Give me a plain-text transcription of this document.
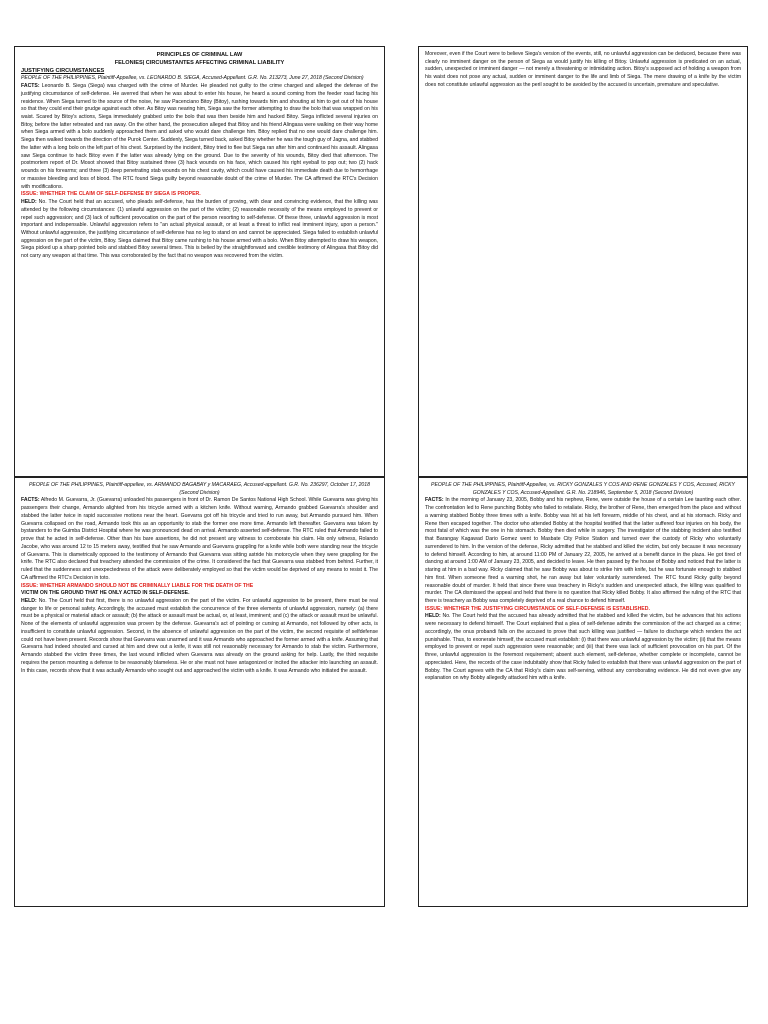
PRINCIPLES OF CRIMINAL LAW
FELONIES| CIRCUMSTANTES AFFECTING CRIMINAL LIABILITY
JUSTIFYING CIRCUMSTANCES
PEOPLE OF THE PHILIPPINES, Plaintiff-Appellee, vs. LEONARDO B. SIEGA, Accused-Appellant. G.R. No. 213273, June 27, 2018 (Second Division)

FACTS: Leonardo B. Siega (Siega) was charged with the crime of Murder. He pleaded not guilty to the crime charged and alleged the defense of the justifying circumstance of self-defense. He averred that when he was about to enter his house, he heard a sound coming from the feeder road facing his residence. When Siega turned to the source of the noise, he saw Pacenciano Bitoy (Bitoy), rushing towards him and shouting at him to get out of his house so that they could end their grudge against each other. As Bitoy was nearing him, Siega saw the former attempting to draw the bolo that was wrapped on his waist. Scared by Bitoy's actions, Siega immediately grabbed unto the bolo that was then beside him and hacked Bitoy. Siega inflicted several injuries on Bitoy, before the latter retreated and ran away. On the other hand, the prosecution alleged that Bitoy and his friend Alingasa were walking on their way home when Siega armed with a bolo suddenly approached them and asked who would dare challenge him. Bitoy replied that no one would dare challenge him. Siega then walked towards the direction of the Purok Center. Suddenly, Siega turned back, asked Bitoy whether he was the tough guy of Jagna, and stabbed the latter with a long bolo on the left part of his chest. Surprised by the incident, Bitoy tried to flee but Siega ran after him and continued his assault. Alingasa saw Siega continue to hack Bitoy even if the latter was already lying on the ground. Due to the severity of his wounds, Bitoy died that afternoon. The postmortem report of Dr. Mosot showed that Bitoy sustained three (3) hack wounds on his face, which caused his right eyeball to pop out; two (2) hack wounds on his forearms; and three (3) deep penetrating stab wounds on his chest cavity, which could have caused his immediate death due to hemorrhage or massive bleeding and loss of blood. The RTC found Siega guilty beyond reasonable doubt of the crime of Murder. The CA affirmed the RTC's Decision with modifications.

ISSUE: WHETHER THE CLAIM OF SELF-DEFENSE BY SIEGA IS PROPER.

HELD: No. The Court held that an accused, who pleads self-defense, has the burden of proving, with clear and convincing evidence, that the killing was attended by the following circumstances: (1) unlawful aggression on the part of the victim; (2) reasonable necessity of the means employed to prevent or repel such aggression; and (3) lack of sufficient provocation on the part of the person resorting to self-defense. Of these three, unlawful aggression is most important and indispensable. Unlawful aggression refers to "an actual physical assault, or at least a threat to inflict real imminent injury, upon a person." Without unlawful aggression, the justifying circumstance of self-defense has no leg to stand on and cannot be appreciated. Siega failed to establish unlawful aggression on the part of the victim, Bitoy. Siega claimed that Bitoy came rushing to his house armed with a bolo. When Bitoy attempted to draw his weapon, Siega picked up a sharp pointed bolo and stabbed Bitoy several times. This is belied by the straightforward and credible testimony of Alingasa that Bitoy did not carry any weapon at that time. This was corroborated by the fact that no weapon was recovered from the victim.

Moreover, even if the Court were to believe Siega's version of the events, still, no unlawful aggression can be deduced, because there was clearly no imminent danger on the person of Siega as would justify his killing of Bitoy. Unlawful aggression is predicated on an actual, sudden, unexpected or imminent danger — not merely a threatening or intimidating action. Bitoy's supposed act of holding a weapon from his waist does not pose any actual, sudden or imminent danger to the life and limb of Siega. The mere drawing of a knife by the victim does not constitute unlawful aggression as the peril sought to be avoided by the accused is uncertain, premature and speculative.

PEOPLE OF THE PHILIPPINES, Plaintiff-appellee, vs. ARMANDO BAGABAY y MACARAEG, Accused-appellant. G.R. No. 236297, October 17, 2018 (Second Division)

FACTS: Alfredo M. Guevarra, Jr. (Guevarra) unloaded his passengers in front of Dr. Ramon De Santos National High School. While Guevarra was giving his passengers their change, Armando alighted from his tricycle armed with a kitchen knife. Without warning, Armando grabbed Guevarra's shoulder and stabbed the latter twice in rapid successive motions near the heart. Guevarra got off his tricycle and tried to run away, but Armando pursued him. When Guevarra collapsed on the road, Armando took this as an opportunity to stab the former one more time. Armando left thereafter. Guevarra was taken by bystanders to the Guimba District Hospital where he was pronounced dead on arrival. Armando asserted self-defense. The RTC ruled that Armando failed to prove that he acted in self-defense. Other than his bare assertions, he did not present any witness to corroborate his claim. His only witness, Rolando Jacobe, who was around 12 to 15 meters away, testified that he saw Armando and Guevarra grappling for a knife while both were standing near the tricycle of Guevarra. This is diametrically opposed to the testimony of Armando that Guevarra was sitting astride his motorcycle when they were grappling for the knife. The RTC also declared that treachery attended the commission of the crime. It considered the fact that Guevarra was stabbed from behind. Further, it ruled that the suddenness and unexpectedness of the attack were deliberately employed so that the victim would be deprived of any means to resist it. The CA affirmed the RTC's Decision in toto.

ISSUE: WHETHER ARMANDO SHOULD NOT BE CRIMINALLY LIABLE FOR THE DEATH OF THE
VICTIM ON THE GROUND THAT HE ONLY ACTED IN SELF-DEFENSE.

HELD: No. The Court held that first, there is no unlawful aggression on the part of the victim. For unlawful aggression to be present, there must be real danger to life or personal safety. Accordingly, the accused must establish the concurrence of the three elements of unlawful aggression, namely: (a) there must be a physical or material attack or assault; (b) the attack or assault must be actual, or, at least, imminent; and (c) the attack or assault must be unlawful. None of the elements of unlawful aggression was proven by the defense. Guevarra's act of pointing or cursing at Armando, not followed by other acts, is insufficient to constitute unlawful aggression. Second, in the absence of unlawful aggression on the part of the victim, the second requisite of selfdefense could not have been present. Records show that Guevarra was unarmed and it was Armando who approached the former armed with a knife. Assuming that Guevarra had indeed shouted and cursed at him and drew out a knife, it was still not reasonably necessary for Armando to stab the victim. Furthermore, Armando stabbed the victim three times, the last wound inflicted when Guevarra was already on the ground asking for help. Lastly, the third requisite requires the person mounting a defense to be reasonably blameless. He or she must not have antagonized or incited the attacker into launching an assault. In this case, records show that it was actually Armando who sought out and approached the victim with a knife. It was Armando who initiated the assault.

PEOPLE OF THE PHILIPPINES, Plaintiff-Appellee, vs. RICKY GONZALES Y COS AND RENE GONZALES Y COS, Accused, RICKY GONZALES Y COS, Accused-Appellant. G.R. No. 218946, September 5, 2018 (Second Division)

FACTS: In the morning of January 23, 2005, Bobby and his nephew, Rene, were outside the house of a certain Lee taunting each other. The confrontation led to Rene punching Bobby who failed to retaliate. Ricky, the brother of Rene, then emerged from the place and without a warning stabbed Bobby three times with a knife. Bobby was hit at his left forearm, middle of his chest, and at his stomach. Ricky and Rene then escaped together. The doctor who attended Bobby at the hospital testified that the latter suffered four injuries on his body, the most fatal of which was the one in his stomach. Bobby then died while in surgery. The investigator of the stabbing incident also testified that Barangay Kagawad Dario Gomez went to Masbate City Police Station and turned over the custody of Ricky who voluntarily surrendered to him. In the version of the defense, Ricky admitted that he stabbed and killed the victim, but only because it was necessary to defend himself. According to him, at around 11:00 PM of January 22, 2005, he arrived at a benefit dance in the plaza. He got tired of dancing at around 1:00 AM of January 23, 2005, and decided to leave. He then passed by the house of Bobby and noticed that the latter is staring at him in a bad way. Ricky claimed that he saw Bobby was about to strike him with knife, but he was fortunate enough to stabbed him first. When someone fired a warning shot, he ran away but later voluntarily surrendered. The RTC found Ricky guilty beyond reasonable doubt of murder. It held that since there was treachery in Ricky's sudden and unexpected attack, the killing was qualified to murder. The CA dismissed the appeal and held that there is no question that Ricky killed Bobby. It also affirmed the ruling of the RTC that there is treachery as Bobby was completely deprived of a real chance to defend himself.

ISSUE: WHETHER THE JUSTIFYING CIRCUMSTANCE OF SELF-DEFENSE IS ESTABLISHED.

HELD: No. The Court held that the accused has already admitted that he stabbed and killed the victim, but he advances that his actions were necessary to defend himself. The Court explained that a plea of self-defense admits the commission of the act charged as a crime; accordingly, the onus probandi falls on the accused to prove that such killing was justified — failure to discharge which renders the act punishable. Thus, to exonerate himself, the accused must establish: (i) that there was unlawful aggression by the victim; (ii) that the means employed to prevent or repel such aggression were reasonable; and (iii) that there was lack of sufficient provocation on his part. Of the three, unlawful aggression is the foremost requirement; absent such element, self-defense, whether complete or incomplete, cannot be appreciated. Here, the records of the case indubitably show that Ricky failed to establish that there was unlawful aggression on the part of Bobby. The Court agrees with the CA that Ricky's claim was self-serving, without any corroborating evidence. He did not even give any explanation on why Bobby allegedly attacked him with a knife.
